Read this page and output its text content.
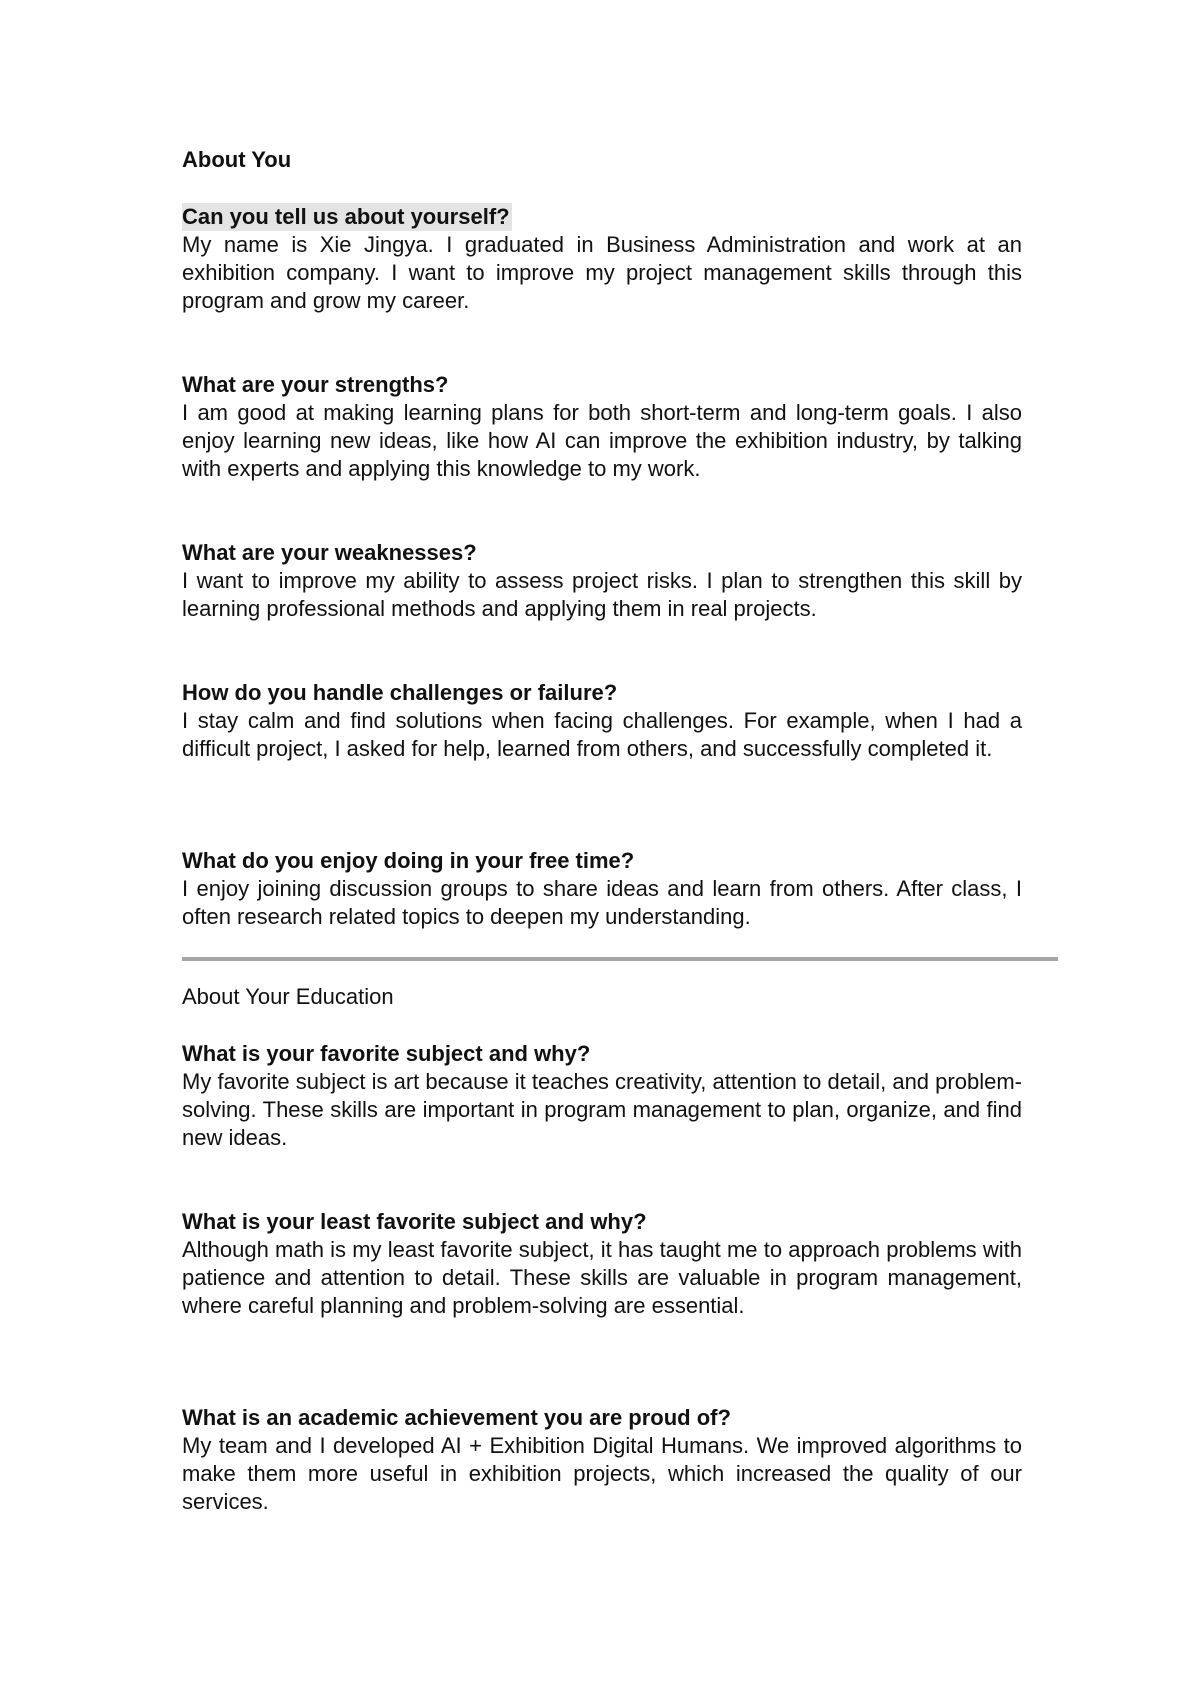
About You

Can you tell us about yourself?

My name is Xie Jingya. I graduated in Business Administration and work at an exhibition company. I want to improve my project management skills through this program and grow my career.

What are your strengths?

I am good at making learning plans for both short-term and long-term goals. I also enjoy learning new ideas, like how AI can improve the exhibition industry, by talking with experts and applying this knowledge to my work.

What are your weaknesses?

I want to improve my ability to assess project risks. I plan to strengthen this skill by learning professional methods and applying them in real projects.

How do you handle challenges or failure?

I stay calm and find solutions when facing challenges. For example, when I had a difficult project, I asked for help, learned from others, and successfully completed it.

What do you enjoy doing in your free time?

I enjoy joining discussion groups to share ideas and learn from others. After class, I often research related topics to deepen my understanding.

About Your Education

What is your favorite subject and why?

My favorite subject is art because it teaches creativity, attention to detail, and problem-solving. These skills are important in program management to plan, organize, and find new ideas.

What is your least favorite subject and why?

Although math is my least favorite subject, it has taught me to approach problems with patience and attention to detail. These skills are valuable in program management, where careful planning and problem-solving are essential.

What is an academic achievement you are proud of?

My team and I developed AI + Exhibition Digital Humans. We improved algorithms to make them more useful in exhibition projects, which increased the quality of our services.
